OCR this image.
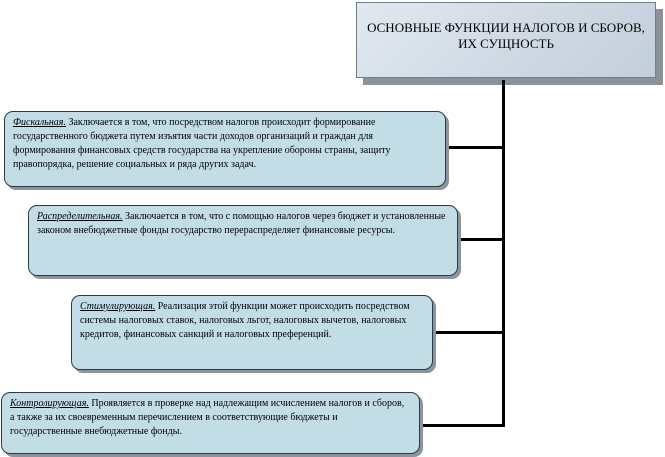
ОСНОВНЫЕ ФУНКЦИИ НАЛОГОВ И СБОРОВ,
ИХ СУЩНОСТЬ
Фискальная. Заключается в том, что посредством налогов происходит формирование государственного бюджета путем изъятия части доходов организаций и граждан для формирования финансовых средств государства на укрепление обороны страны, защиту правопорядка, решение социальных и ряда других задач.
Распределительная. Заключается в том, что с помощью налогов через бюджет и установленные законом внебюджетные фонды государство перераспределяет финансовые ресурсы.
Стимулирующая. Реализация этой функции может происходить посредством системы налоговых ставок, налоговых льгот, налоговых вычетов, налоговых кредитов, финансовых санкций и налоговых преференций.
Контролирующая. Проявляется в проверке над надлежащим исчислением налогов и сборов, а также за их своевременным перечислением в соответствующие бюджеты и государственные внебюджетные фонды.
